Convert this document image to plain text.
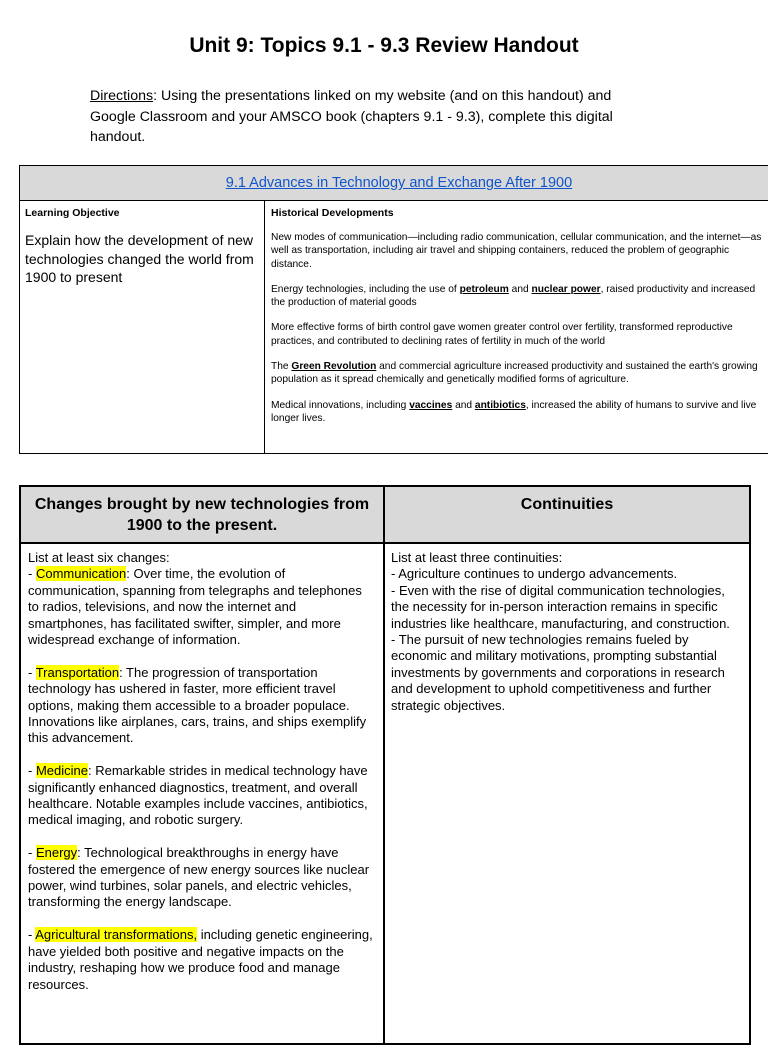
Unit 9: Topics 9.1 - 9.3 Review Handout
Directions: Using the presentations linked on my website (and on this handout) and Google Classroom and your AMSCO book (chapters 9.1 - 9.3), complete this digital handout.
9.1 Advances in Technology and Exchange After 1900
Learning Objective
Explain how the development of new technologies changed the world from 1900 to present
Historical Developments

New modes of communication—including radio communication, cellular communication, and the internet—as well as transportation, including air travel and shipping containers, reduced the problem of geographic distance.

Energy technologies, including the use of petroleum and nuclear power, raised productivity and increased the production of material goods

More effective forms of birth control gave women greater control over fertility, transformed reproductive practices, and contributed to declining rates of fertility in much of the world

The Green Revolution and commercial agriculture increased productivity and sustained the earth's growing population as it spread chemically and genetically modified forms of agriculture.

Medical innovations, including vaccines and antibiotics, increased the ability of humans to survive and live longer lives.

Changes brought by new technologies from 1900 to the present.
Continuities

List at least six changes:

- Communication: Over time, the evolution of communication, spanning from telegraphs and telephones to radios, televisions, and now the internet and smartphones, has facilitated swifter, simpler, and more widespread exchange of information.

- Transportation: The progression of transportation technology has ushered in faster, more efficient travel options, making them accessible to a broader populace. Innovations like airplanes, cars, trains, and ships exemplify this advancement.

- Medicine: Remarkable strides in medical technology have significantly enhanced diagnostics, treatment, and overall healthcare. Notable examples include vaccines, antibiotics, medical imaging, and robotic surgery.

- Energy: Technological breakthroughs in energy have fostered the emergence of new energy sources like nuclear power, wind turbines, solar panels, and electric vehicles, transforming the energy landscape.

- Agricultural transformations, including genetic engineering, have yielded both positive and negative impacts on the industry, reshaping how we produce food and manage resources.

List at least three continuities:

- Agriculture continues to undergo advancements.

- Even with the rise of digital communication technologies, the necessity for in-person interaction remains in specific industries like healthcare, manufacturing, and construction.

- The pursuit of new technologies remains fueled by economic and military motivations, prompting substantial investments by governments and corporations in research and development to uphold competitiveness and further strategic objectives.
